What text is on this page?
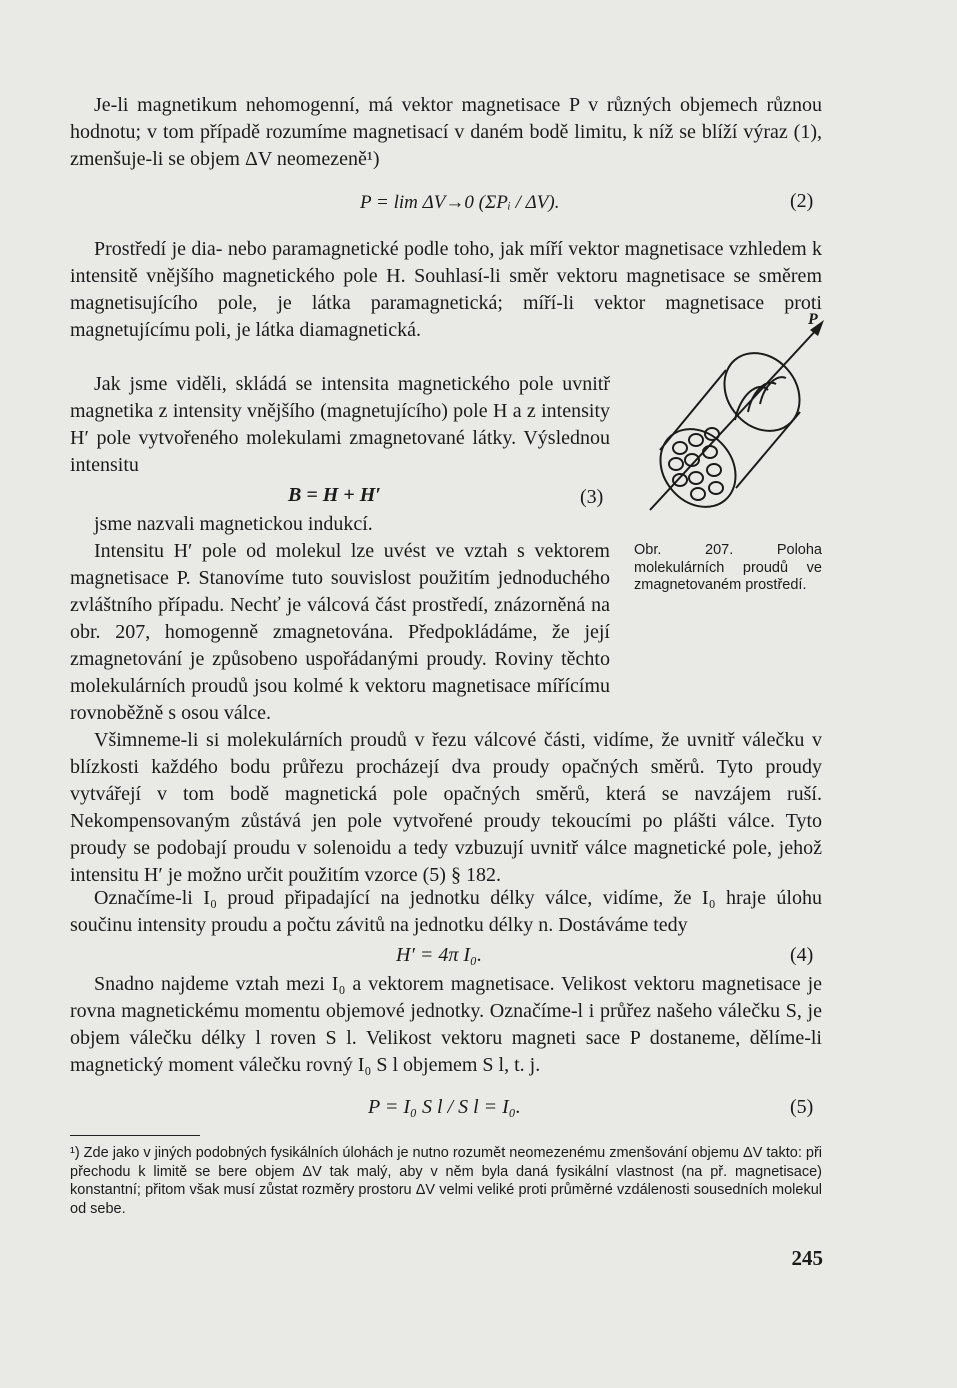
Je-li magnetikum nehomogenní, má vektor magnetisace P v různých objemech různou hodnotu; v tom případě rozumíme magnetisací v daném bodě limitu, k níž se blíží výraz (1), zmenšuje-li se objem ΔV neomezeně¹)

P = lim ΔV→0 (ΣPᵢ / ΔV).	(2)

Prostředí je dia- nebo paramagnetické podle toho, jak míří vektor magnetisace vzhledem k intensitě vnějšího magnetického pole H. Souhlasí-li směr vektoru magnetisace se směrem magnetisujícího pole, je látka paramagnetická; míří-li vektor magnetisace proti magnetujícímu poli, je látka diamagnetická.

Jak jsme viděli, skládá se intensita magnetického pole uvnitř magnetika z intensity vnějšího (magnetujícího) pole H a z intensity H′ pole vytvořeného molekulami zmagnetované látky. Výslednou intensitu

B = H + H′	(3)

jsme nazvali magnetickou indukcí.

Intensitu H′ pole od molekul lze uvést ve vztah s vektorem magnetisace P. Stanovíme tuto souvislost použitím jednoduchého zvláštního případu. Nechť je válcová část prostředí, znázorněná na obr. 207, homogenně zmagnetována. Předpokládáme, že její zmagnetování je způsobeno uspořádanými proudy. Roviny těchto molekulárních proudů jsou kolmé k vektoru magnetisace mířícímu rovnoběžně s osou válce.

P

Obr. 207. Poloha molekulárních proudů ve zmagnetovaném prostředí.

Všimneme-li si molekulárních proudů v řezu válcové části, vidíme, že uvnitř válečku v blízkosti každého bodu průřezu procházejí dva proudy opačných směrů. Tyto proudy vytvářejí v tom bodě magnetická pole opačných směrů, která se navzájem ruší. Nekompensovaným zůstává jen pole vytvořené proudy tekoucími po plášti válce. Tyto proudy se podobají proudu v solenoidu a tedy vzbuzují uvnitř válce magnetické pole, jehož intensitu H′ je možno určit použitím vzorce (5) § 182.

Označíme-li I₀ proud připadající na jednotku délky válce, vidíme, že I₀ hraje úlohu součinu intensity proudu a počtu závitů na jednotku délky n. Dostáváme tedy

H′ = 4π I₀.	(4)

Snadno najdeme vztah mezi I₀ a vektorem magnetisace. Velikost vektoru magnetisace je rovna magnetickému momentu objemové jednotky. Označíme-l i průřez našeho válečku S, je objem válečku délky l roven S l. Velikost vektoru magneti sace P dostaneme, dělíme-li magnetický moment válečku rovný I₀ S l objemem S l, t. j.

P = I₀ S l / S l = I₀.	(5)

¹) Zde jako v jiných podobných fysikálních úlohách je nutno rozumět neomezenému zmenšování objemu ΔV takto: při přechodu k limitě se bere objem ΔV tak malý, aby v něm byla daná fysikální vlastnost (na př. magnetisace) konstantní; přitom však musí zůstat rozměry prostoru ΔV velmi veliké proti průměrné vzdálenosti sousedních molekul od sebe.

245
